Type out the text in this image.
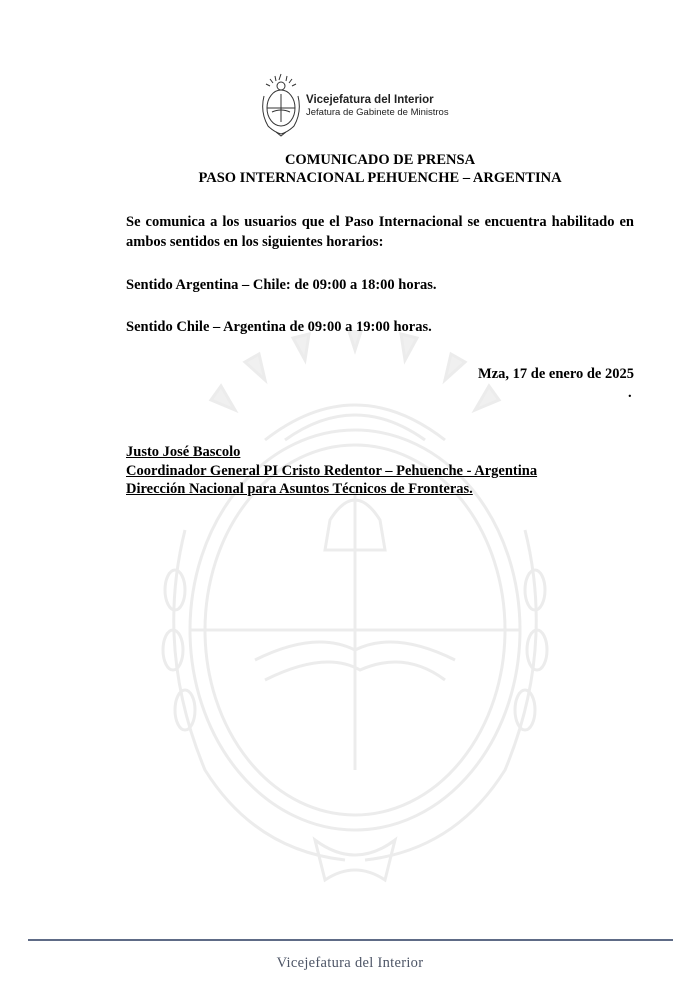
Vicejefatura del Interior
Jefatura de Gabinete de Ministros
COMUNICADO DE PRENSA
PASO INTERNACIONAL PEHUENCHE – ARGENTINA
Se comunica a los usuarios que el Paso Internacional se encuentra habilitado en ambos sentidos en los siguientes horarios:
Sentido Argentina – Chile: de 09:00 a 18:00 horas.
Sentido Chile – Argentina de 09:00 a 19:00 horas.
Mza, 17 de enero de 2025
.
Justo José Bascolo
Coordinador General PI Cristo Redentor – Pehuenche - Argentina
Dirección Nacional para Asuntos Técnicos de Fronteras.
Vicejefatura del Interior
